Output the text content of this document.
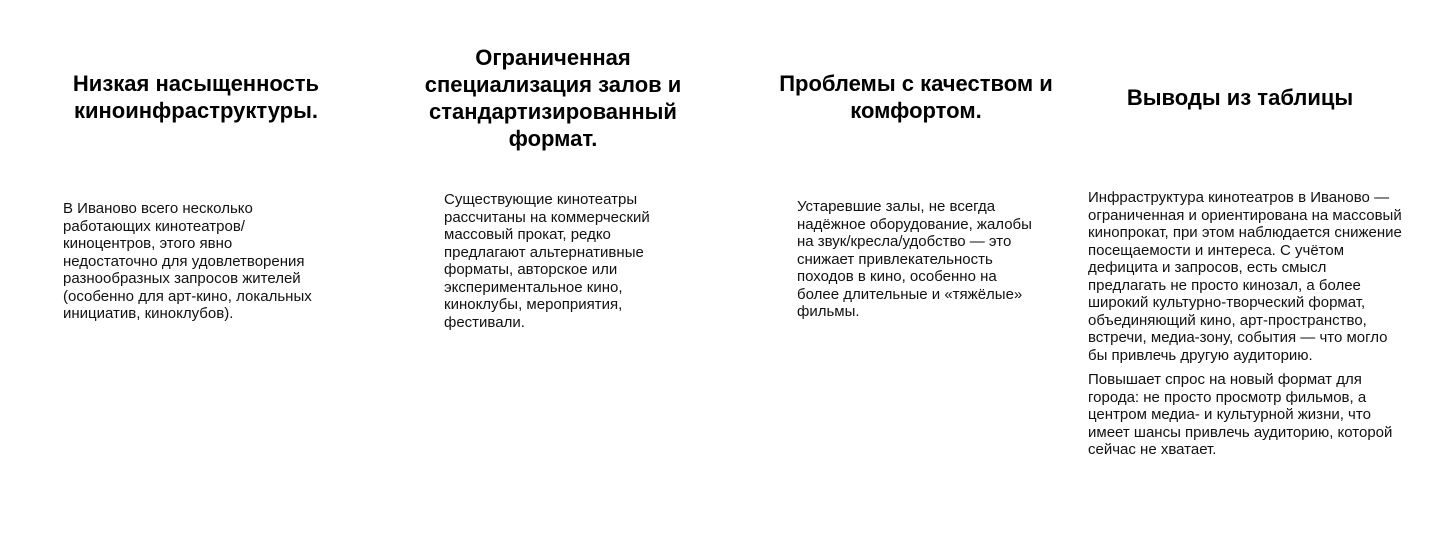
Низкая насыщенность киноинфраструктуры.
Ограниченная специализация залов и стандартизированный формат.
Проблемы с качеством и комфортом.
Выводы из таблицы

В Иваново всего несколько работающих кинотеатров/киноцентров, этого явно недостаточно для удовлетворения разнообразных запросов жителей (особенно для арт-кино, локальных инициатив, киноклубов).

Существующие кинотеатры рассчитаны на коммерческий массовый прокат, редко предлагают альтернативные форматы, авторское или экспериментальное кино, киноклубы, мероприятия, фестивали.

Устаревшие залы, не всегда надёжное оборудование, жалобы на звук/кресла/удобство — это снижает привлекательность походов в кино, особенно на более длительные и «тяжёлые» фильмы.

Инфраструктура кинотеатров в Иваново — ограниченная и ориентирована на массовый кинопрокат, при этом наблюдается снижение посещаемости и интереса. С учётом дефицита и запросов, есть смысл предлагать не просто кинозал, а более широкий культурно-творческий формат, объединяющий кино, арт-пространство, встречи, медиа-зону, события — что могло бы привлечь другую аудиторию.

Повышает спрос на новый формат для города: не просто просмотр фильмов, а центром медиа- и культурной жизни, что имеет шансы привлечь аудиторию, которой сейчас не хватает.
